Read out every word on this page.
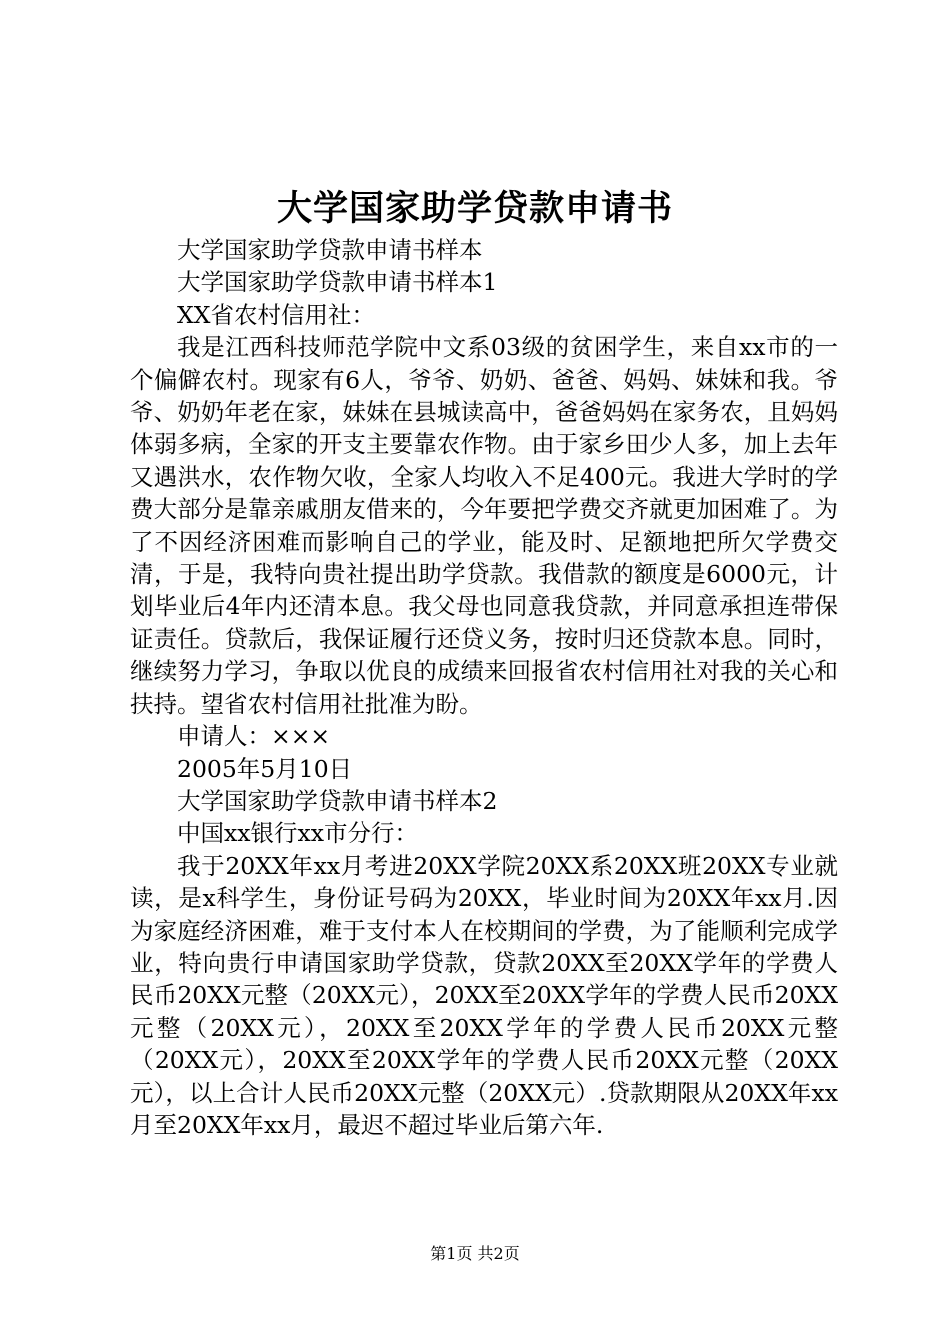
大学国家助学贷款申请书

大学国家助学贷款申请书样本

大学国家助学贷款申请书样本1

XX省农村信用社：

我是江西科技师范学院中文系03级的贫困学生，来自xx市的一个偏僻农村。现家有6人，爷爷、奶奶、爸爸、妈妈、妹妹和我。爷爷、奶奶年老在家，妹妹在县城读高中，爸爸妈妈在家务农，且妈妈体弱多病，全家的开支主要靠农作物。由于家乡田少人多，加上去年又遇洪水，农作物欠收，全家人均收入不足400元。我进大学时的学费大部分是靠亲戚朋友借来的，今年要把学费交齐就更加困难了。为了不因经济困难而影响自己的学业，能及时、足额地把所欠学费交清，于是，我特向贵社提出助学贷款。我借款的额度是6000元，计划毕业后4年内还清本息。我父母也同意我贷款，并同意承担连带保证责任。贷款后，我保证履行还贷义务，按时归还贷款本息。同时，继续努力学习，争取以优良的成绩来回报省农村信用社对我的关心和扶持。望省农村信用社批准为盼。

申请人：×××

2005年5月10日

大学国家助学贷款申请书样本2

中国xx银行xx市分行：

我于20XX年xx月考进20XX学院20XX系20XX班20XX专业就读，是x科学生，身份证号码为20XX，毕业时间为20XX年xx月.因为家庭经济困难，难于支付本人在校期间的学费，为了能顺利完成学业，特向贵行申请国家助学贷款，贷款20XX至20XX学年的学费人民币20XX元整（20XX元），20XX至20XX学年的学费人民币20XX元整（20XX元），20XX至20XX学年的学费人民币20XX元整（20XX元），20XX至20XX学年的学费人民币20XX元整（20XX元），以上合计人民币20XX元整（20XX元）.贷款期限从20XX年xx月至20XX年xx月，最迟不超过毕业后第六年.

第1页 共2页
